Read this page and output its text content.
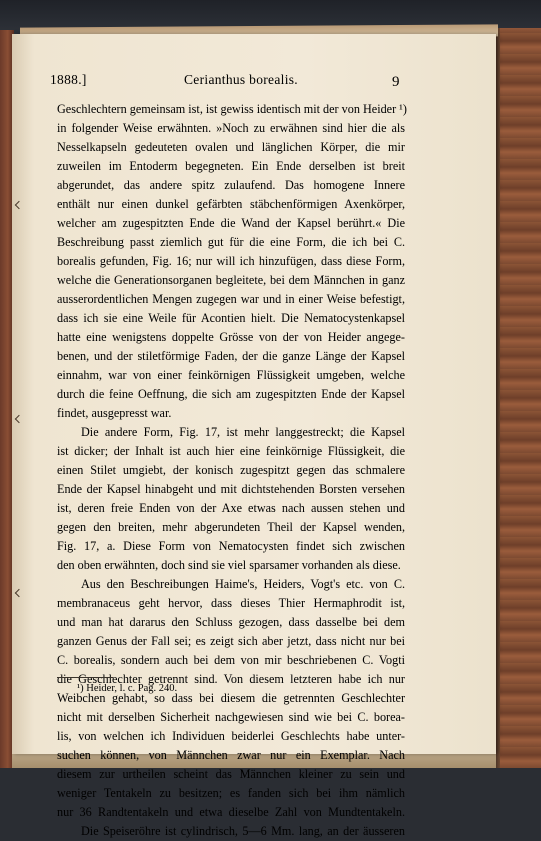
1888.]	Cerianthus borealis.	9
Geschlechtern gemeinsam ist, ist gewiss identisch mit der von Heider ¹)
in folgender Weise erwähnten. »Noch zu erwähnen sind hier die als
Nesselkapseln gedeuteten ovalen und länglichen Körper, die mir
zuweilen im Entoderm begegneten. Ein Ende derselben ist breit
abgerundet, das andere spitz zulaufend. Das homogene Innere
enthält nur einen dunkel gefärbten stäbchenförmigen Axenkörper,
welcher am zugespitzten Ende die Wand der Kapsel berührt.« Die
Beschreibung passt ziemlich gut für die eine Form, die ich bei C.
borealis gefunden, Fig. 16; nur will ich hinzufügen, dass diese Form,
welche die Generationsorganen begleitete, bei dem Männchen in ganz
ausserordentlichen Mengen zugegen war und in einer Weise befestigt,
dass ich sie eine Weile für Acontien hielt. Die Nematocystenkapsel
hatte eine wenigstens doppelte Grösse von der von Heider angege-
benen, und der stiletförmige Faden, der die ganze Länge der Kapsel
einnahm, war von einer feinkörnigen Flüssigkeit umgeben, welche
durch die feine Oeffnung, die sich am zugespitzten Ende der Kapsel
findet, ausgepresst war.
Die andere Form, Fig. 17, ist mehr langgestreckt; die Kapsel
ist dicker; der Inhalt ist auch hier eine feinkörnige Flüssigkeit, die
einen Stilet umgiebt, der konisch zugespitzt gegen das schmalere
Ende der Kapsel hinabgeht und mit dichtstehenden Borsten versehen
ist, deren freie Enden von der Axe etwas nach aussen stehen und
gegen den breiten, mehr abgerundeten Theil der Kapsel wenden,
Fig. 17, a. Diese Form von Nematocysten findet sich zwischen
den oben erwähnten, doch sind sie viel sparsamer vorhanden als diese.
Aus den Beschreibungen Haime's, Heiders, Vogt's etc. von C.
membranaceus geht hervor, dass dieses Thier Hermaphrodit ist,
und man hat dararus den Schluss gezogen, dass dasselbe bei dem
ganzen Genus der Fall sei; es zeigt sich aber jetzt, dass nicht nur bei
C. borealis, sondern auch bei dem von mir beschriebenen C. Vogti
die Geschlechter getrennt sind. Von diesem letzteren habe ich nur
Weibchen gehabt, so dass bei diesem die getrennten Geschlechter
nicht mit derselben Sicherheit nachgewiesen sind wie bei C. borea-
lis, von welchen ich Individuen beiderlei Geschlechts habe unter-
suchen können, von Männchen zwar nur ein Exemplar. Nach
diesem zur urtheilen scheint das Männchen kleiner zu sein und
weniger Tentakeln zu besitzen; es fanden sich bei ihm nämlich
nur 36 Randtentakeln und etwa dieselbe Zahl von Mundtentakeln.
Die Speiseröhre ist cylindrisch, 5—6 Mm. lang, an der äusseren
¹) Heider, l. c. Pag. 240.
